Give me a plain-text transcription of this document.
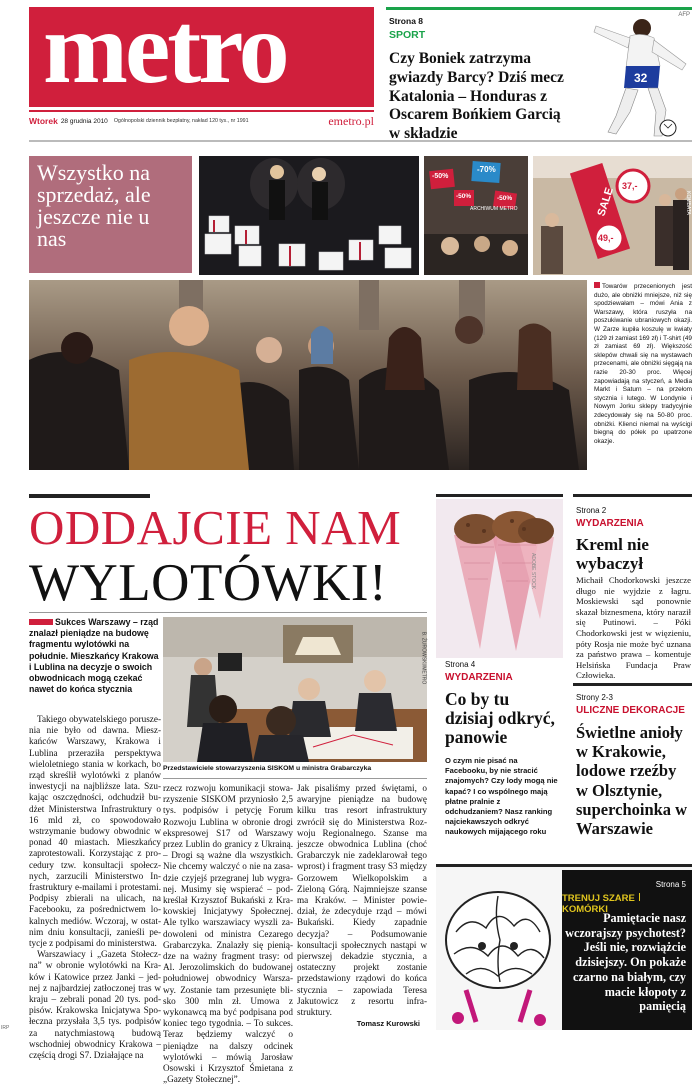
metro
Wtorek 28 grudnia 2010 Ogólnopolski dziennik bezpłatny, nakład 120 tys., nr 1991	emetro.pl
Strona 8
SPORT
Czy Boniek zatrzyma gwiazdy Barcy? Dziś mecz Katalonia – Honduras z Oscarem Bońkiem Garcią w składzie
AFP
32
Wszystko na sprzedaż, ale jeszcze nie u nas
-50%
-70%
-50%	-50%	SALE
37,-
49,-
KOMBATA
Towarów przecenionych jest dużo, ale obniżki mniejsze, niż się spodziewałam – mówi Ania z Warszawy, która ruszyła na poszukiwanie ubraniowych okazji. W Zarze kupiła koszulę w kwiaty (129 zł zamiast 169 zł) i T-shirt (49 zł zamiast 69 zł). Większość sklepów chwali się na wystawach przecenami, ale obniżki sięgają na razie 20-30 proc. Więcej zapowiadają na styczeń, a Media Markt i Saturn – na przełom stycznia i lutego. W Londynie i Nowym Jorku sklepy tradycyjnie zdecydowały się na 50-80 proc. obniżki. Klienci niemal na wyścigi biegną do półek po upatrzone okazje.
ARCHIWUM METRO
ODDAJCIE NAM
WYLOTÓWKI!
Sukces Warszawy – rząd znalazł pieniądze na budowę fragmentu wylotówki na południe. Mieszkańcy Krakowa i Lublina na decyzje o swoich obwodnicach mogą czekać nawet do końca stycznia

Takiego obywatelskiego poruszenia nie było od dawna. Mieszkańców Warszawy, Krakowa i Lublina przeraziła perspektywa wieloletniego stania w korkach, bo rząd skreślił wylotówki z planów inwestycji na najbliższe lata. Szukając oszczędności, odchudził budżet Ministerstwa Infrastruktury o 16 mld zł, co spowodowało wstrzymanie budowy obwodnic w ponad 40 miastach. Mieszkańcy zaprotestowali. Korzystając z procedury tzw. konsultacji społecznych, zarzucili Ministerstwo Infrastruktury e-mailami i protestami. Podpisy zbierali na ulicach, na Facebooku, za pośrednictwem lokalnych mediów. Wczoraj, w ostatnim dniu konsultacji, zanieśli petycje z podpisami do ministerstwa.

Warszawiacy i „Gazeta Stołeczna” w obronie wylotówki na Kraków i Katowice przez Janki – jednej z najbardziej zatłoczonej tras w kraju – zebrali ponad 20 tys. podpisów. Krakowska Inicjatywa Społeczna przysłała 3,5 tys. podpisów za natychmiastową budową wschodniej obwodnicy Krakowa – częścią drogi S7. Działające na

B. ŻUROWSKI/METRO
Przedstawiciele stowarzyszenia SISKOM u ministra Grabarczyka

rzecz rozwoju komunikacji stowarzyszenie SISKOM przyniosło 2,5 tys. podpisów i petycję Forum Rozwoju Lublina w obronie drogi ekspresowej S17 od Warszawy przez Lublin do granicy z Ukrainą. – Drogi są ważne dla wszystkich. Nie chcemy walczyć o nie na zasadzie czyjejś przegranej lub wygranej. Musimy się wspierać – podkreślał Krzysztof Bukański z Krakowskiej Inicjatywy Społecznej. Ale tylko warszawiacy wyszli zadowoleni od ministra Cezarego Grabarczyka. Znalazły się pieniądze na ważny fragment trasy: od Al. Jerozolimskich do budowanej południowej obwodnicy Warszawy. Zostanie tam przesunięte blisko 300 mln zł. Umowa z wykonawcą ma być podpisana pod koniec tego tygodnia. – To sukces. Teraz będziemy walczyć o pieniądze na dalszy odcinek wylotówki – mówią Jarosław Osowski i Krzysztof Śmietana z „Gazety Stołecznej”.

Jak pisaliśmy przed świętami, o awaryjne pieniądze na budowę kilku tras resort infrastruktury zwrócił się do Ministerstwa Rozwoju Regionalnego. Szanse ma jeszcze obwodnica Lublina (choć Grabarczyk nie zadeklarował tego wprost) i fragment trasy S3 między Gorzowem Wielkopolskim a Zieloną Górą. Najmniejsze szanse ma Kraków. – Minister powiedział, że zdecyduje rząd – mówi Bukański. Kiedy zapadnie decyzja? – Podsumowanie konsultacji społecznych nastąpi w pierwszej dekadzie stycznia, a ostateczny projekt zostanie przedstawiony rządowi do końca stycznia – zapowiada Teresa Jakutowicz z resortu infrastruktury.

Tomasz Kurowski
ADOBE STOCK
Strona 4
WYDARZENIA
Co by tu dzisiaj odkryć, panowie
O czym nie pisać na Facebooku, by nie stracić znajomych? Czy lody mogą nie kapać? I co wspólnego mają płatne pralnie z odchudzaniem? Nasz ranking najciekawszych odkryć naukowych mijającego roku
Strona 2
WYDARZENIA
Kreml nie wybaczył
Michaił Chodorkowski jeszcze długo nie wyjdzie z łagru. Moskiewski sąd ponownie skazał biznesmena, który naraził się Putinowi. – Póki Chodorkowski jest w więzieniu, póty Rosja nie może być uznana za państwo prawa – komentuje Helsińska Fundacja Praw Człowieka.
Strony 2-3
ULICZNE DEKORACJE
Świetlne anioły w Krakowie, lodowe rzeźby w Olsztynie, superchoinka w Warszawie
Strona 5
TRENUJ SZARE  KOMÓRKI
Pamiętacie nasz wczorajszy psychotest? Jeśli nie, rozwiążcie dzisiejszy. On pokaże czarno na białym, czy macie kłopoty z pamięcią
IRP
